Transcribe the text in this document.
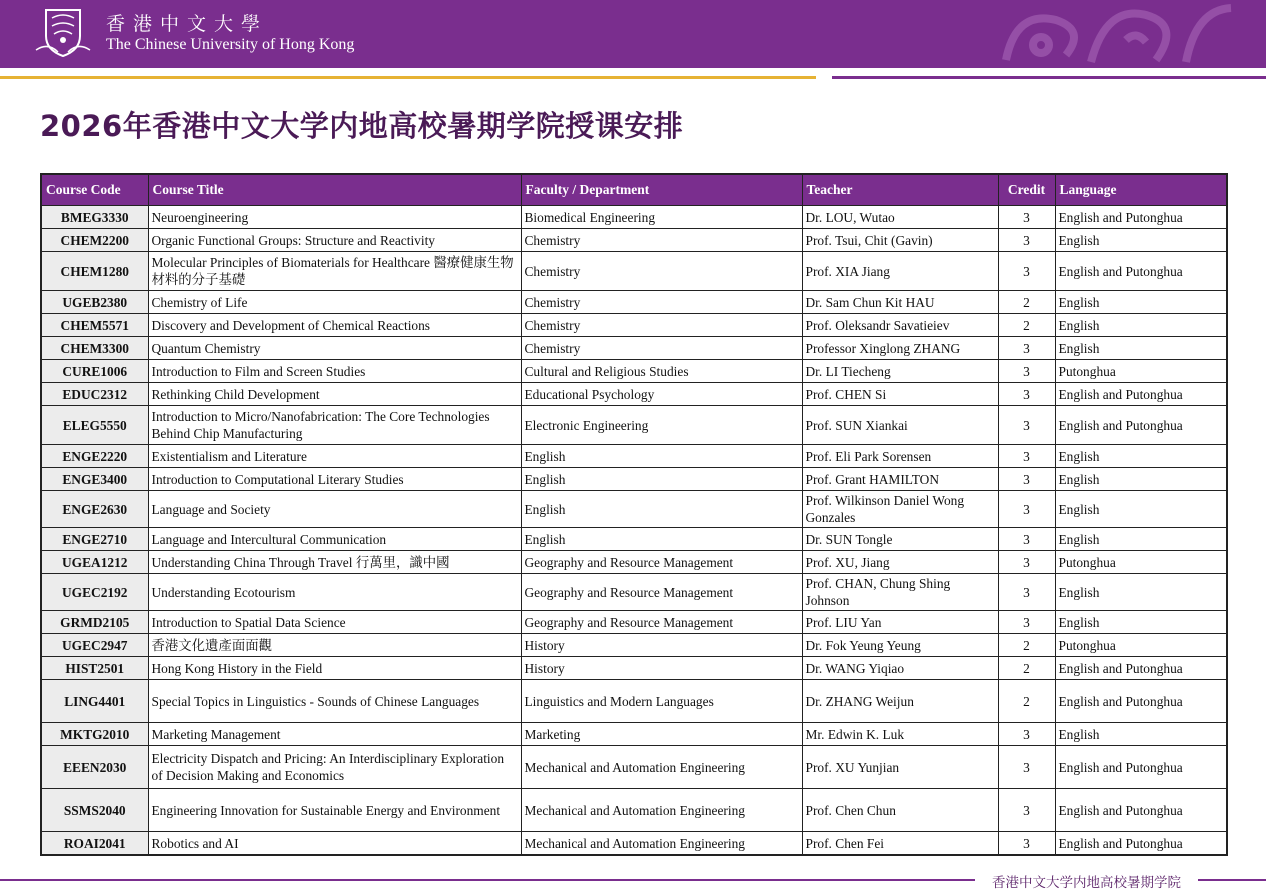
香港中文大學
The Chinese University of Hong Kong
2026年香港中文大学内地高校暑期学院授课安排
Course Code	Course Title	Faculty / Department	Teacher	Credit	Language
BMEG3330	Neuroengineering	Biomedical Engineering	Dr. LOU, Wutao	3	English and Putonghua
CHEM2200	Organic Functional Groups: Structure and Reactivity	Chemistry	Prof. Tsui, Chit (Gavin)	3	English
CHEM1280	Molecular Principles of Biomaterials for Healthcare 醫療健康生物材料的分子基礎	Chemistry	Prof. XIA Jiang	3	English and Putonghua
UGEB2380	Chemistry of Life	Chemistry	Dr. Sam Chun Kit HAU	2	English
CHEM5571	Discovery and Development of Chemical Reactions	Chemistry	Prof. Oleksandr Savatieiev	2	English
CHEM3300	Quantum Chemistry	Chemistry	Professor Xinglong ZHANG	3	English
CURE1006	Introduction to Film and Screen Studies	Cultural and Religious Studies	Dr. LI Tiecheng	3	Putonghua
EDUC2312	Rethinking Child Development	Educational Psychology	Prof. CHEN Si	3	English and Putonghua
ELEG5550	Introduction to Micro/Nanofabrication: The Core Technologies Behind Chip Manufacturing	Electronic Engineering	Prof. SUN Xiankai	3	English and Putonghua
ENGE2220	Existentialism and Literature	English	Prof. Eli Park Sorensen	3	English
ENGE3400	Introduction to Computational Literary Studies	English	Prof. Grant HAMILTON	3	English
ENGE2630	Language and Society	English	Prof. Wilkinson Daniel Wong Gonzales	3	English
ENGE2710	Language and Intercultural Communication	English	Dr. SUN Tongle	3	English
UGEA1212	Understanding China Through Travel 行萬里，識中國	Geography and Resource Management	Prof. XU, Jiang	3	Putonghua
UGEC2192	Understanding Ecotourism	Geography and Resource Management	Prof. CHAN, Chung Shing Johnson	3	English
GRMD2105	Introduction to Spatial Data Science	Geography and Resource Management	Prof. LIU Yan	3	English
UGEC2947	香港文化遺產面面觀	History	Dr. Fok Yeung Yeung	2	Putonghua
HIST2501	Hong Kong History in the Field	History	Dr. WANG Yiqiao	2	English and Putonghua
LING4401	Special Topics in Linguistics - Sounds of Chinese Languages	Linguistics and Modern Languages	Dr. ZHANG Weijun	2	English and Putonghua
MKTG2010	Marketing Management	Marketing	Mr. Edwin K. Luk	3	English
EEEN2030	Electricity Dispatch and Pricing: An Interdisciplinary Exploration of Decision Making and Economics	Mechanical and Automation Engineering	Prof. XU Yunjian	3	English and Putonghua
SSMS2040	Engineering Innovation for Sustainable Energy and Environment	Mechanical and Automation Engineering	Prof. Chen Chun	3	English and Putonghua
ROAI2041	Robotics and AI	Mechanical and Automation Engineering	Prof. Chen Fei	3	English and Putonghua
香港中文大学内地高校暑期学院
